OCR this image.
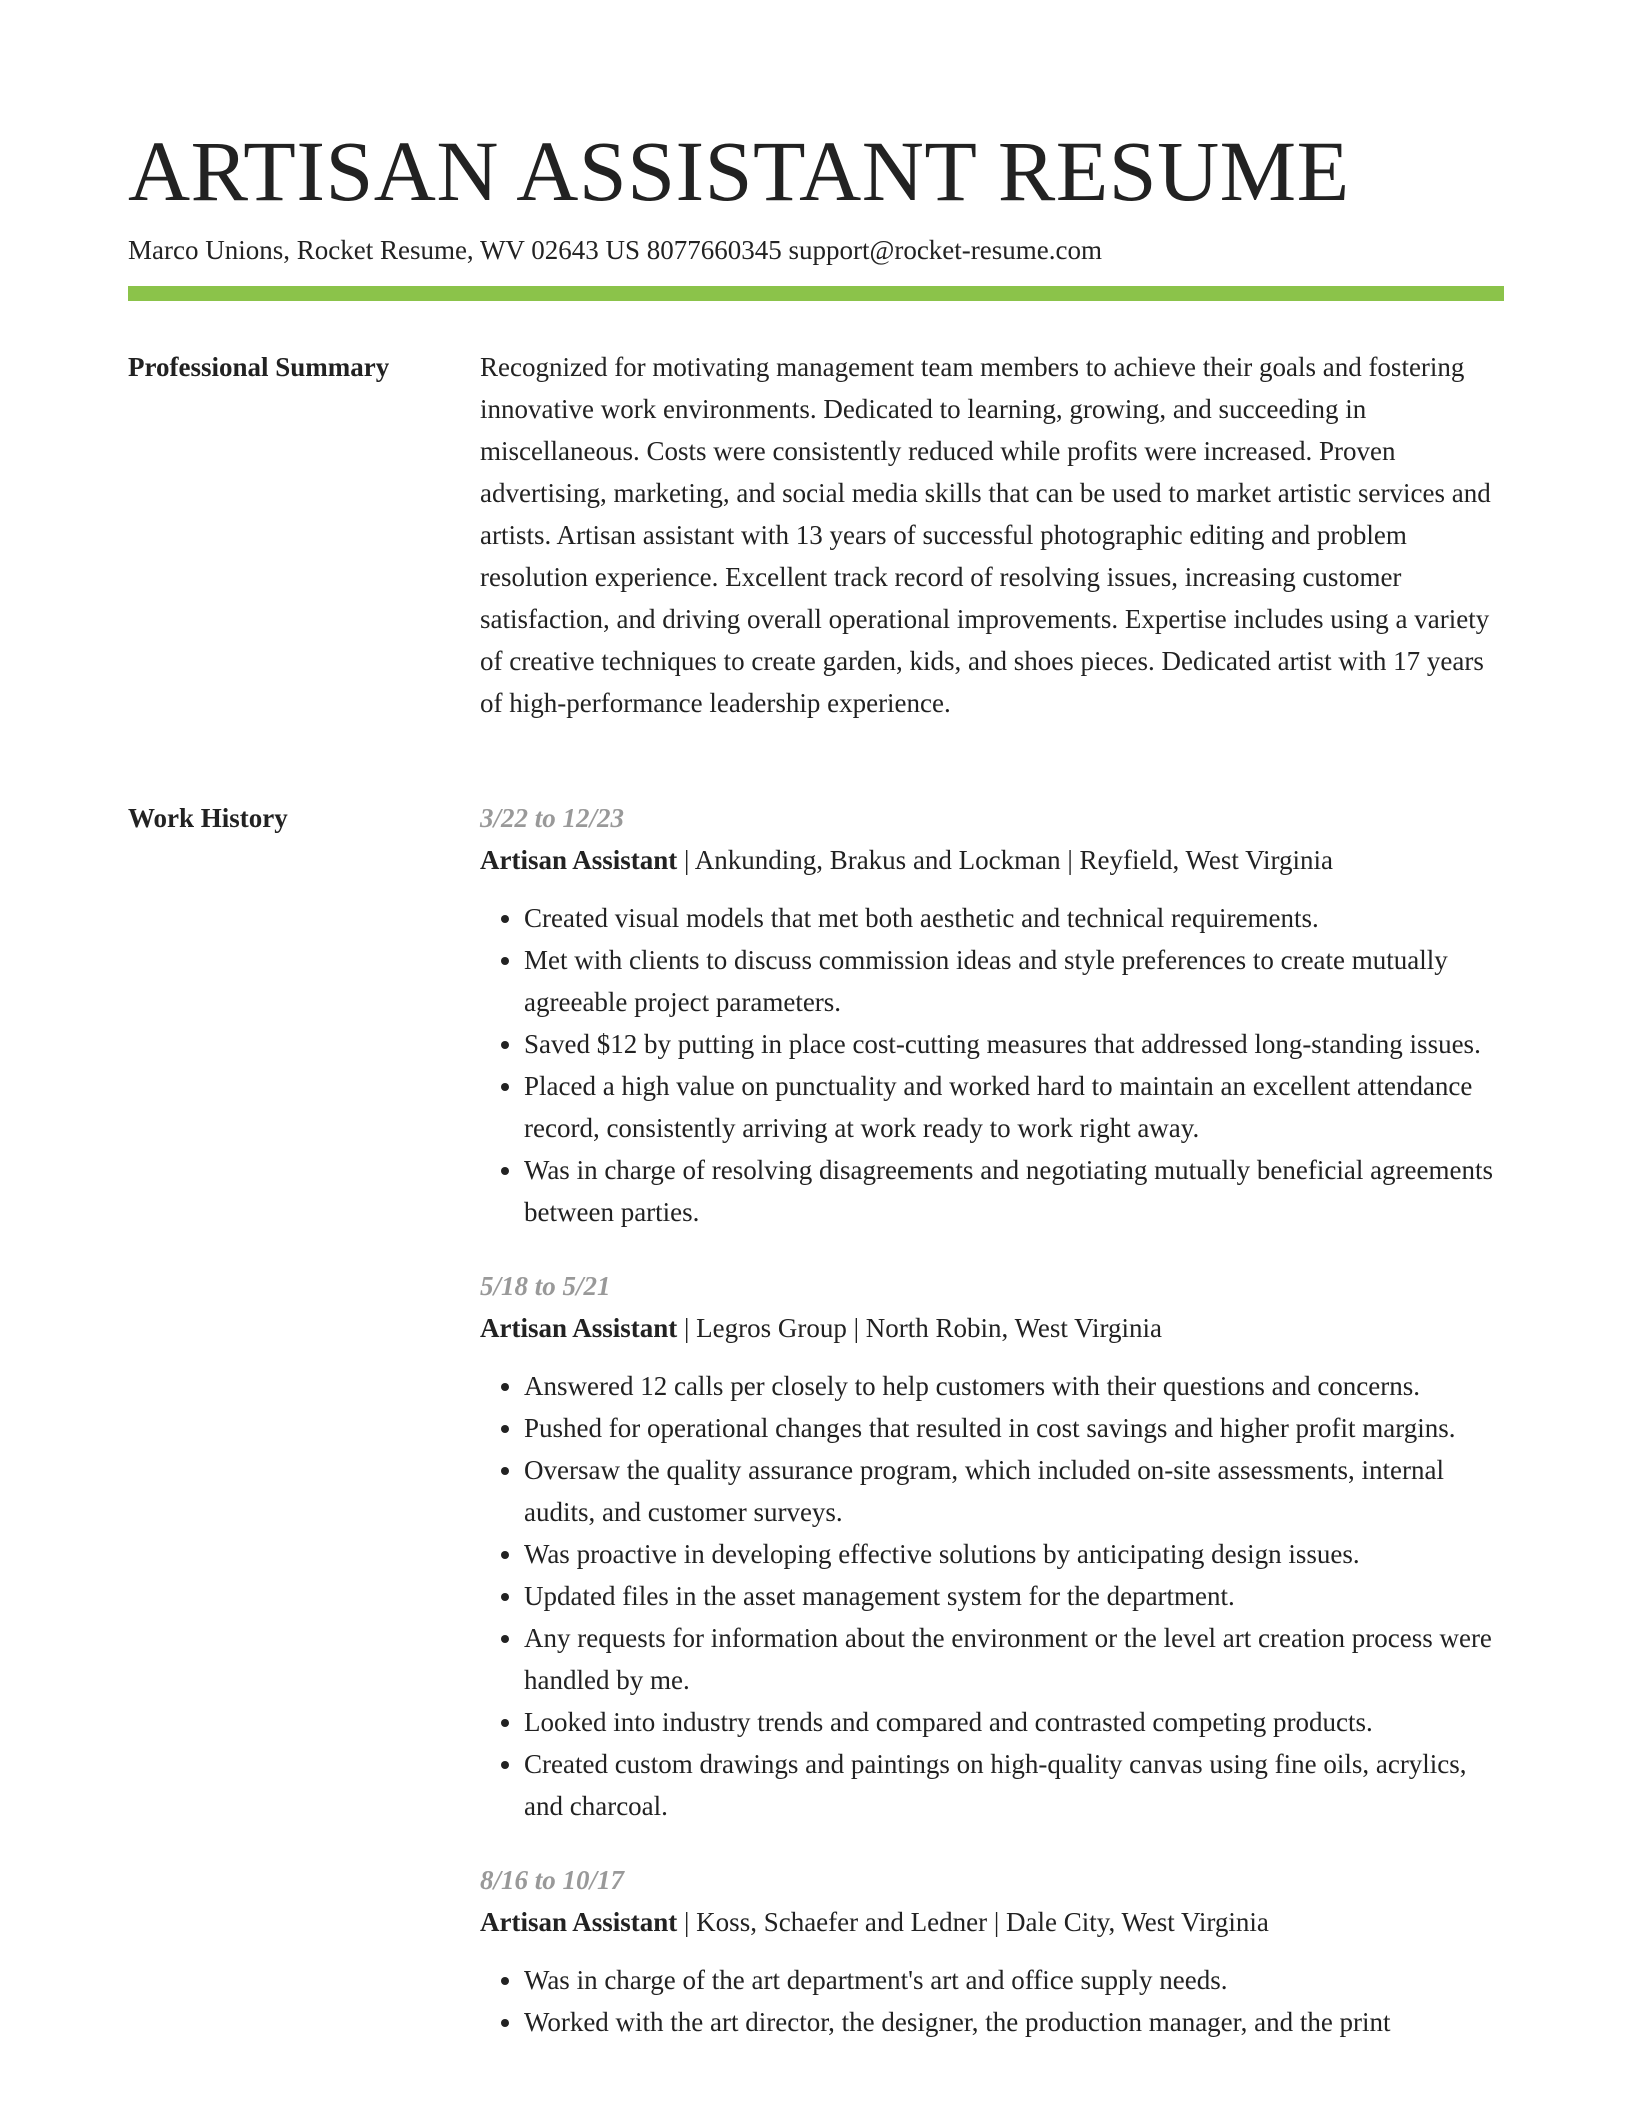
ARTISAN ASSISTANT RESUME
Marco Unions, Rocket Resume, WV 02643 US 8077660345 support@rocket-resume.com
Professional Summary	Recognized for motivating management team members to achieve their goals and fostering innovative work environments. Dedicated to learning, growing, and succeeding in miscellaneous. Costs were consistently reduced while profits were increased. Proven advertising, marketing, and social media skills that can be used to market artistic services and artists. Artisan assistant with 13 years of successful photographic editing and problem resolution experience. Excellent track record of resolving issues, increasing customer satisfaction, and driving overall operational improvements. Expertise includes using a variety of creative techniques to create garden, kids, and shoes pieces. Dedicated artist with 17 years of high-performance leadership experience.

Work History	3/22 to 12/23
Artisan Assistant | Ankunding, Brakus and Lockman | Reyfield, West Virginia
• Created visual models that met both aesthetic and technical requirements.
• Met with clients to discuss commission ideas and style preferences to create mutually agreeable project parameters.
• Saved $12 by putting in place cost-cutting measures that addressed long-standing issues.
• Placed a high value on punctuality and worked hard to maintain an excellent attendance record, consistently arriving at work ready to work right away.
• Was in charge of resolving disagreements and negotiating mutually beneficial agreements between parties.
5/18 to 5/21
Artisan Assistant | Legros Group | North Robin, West Virginia
• Answered 12 calls per closely to help customers with their questions and concerns.
• Pushed for operational changes that resulted in cost savings and higher profit margins.
• Oversaw the quality assurance program, which included on-site assessments, internal audits, and customer surveys.
• Was proactive in developing effective solutions by anticipating design issues.
• Updated files in the asset management system for the department.
• Any requests for information about the environment or the level art creation process were handled by me.
• Looked into industry trends and compared and contrasted competing products.
• Created custom drawings and paintings on high-quality canvas using fine oils, acrylics, and charcoal.
8/16 to 10/17
Artisan Assistant | Koss, Schaefer and Ledner | Dale City, West Virginia
• Was in charge of the art department's art and office supply needs.
• Worked with the art director, the designer, the production manager, and the print
